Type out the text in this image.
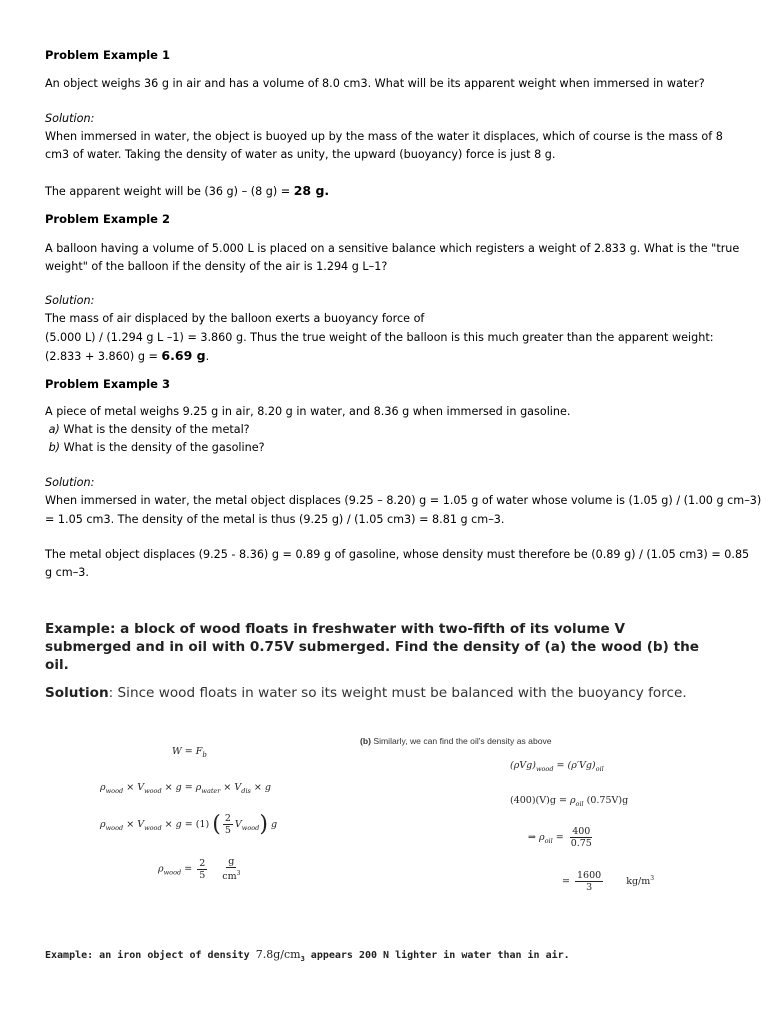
Problem Example 1
An object weighs 36 g in air and has a volume of 8.0 cm3. What will be its apparent weight when immersed in water?
Solution:
When immersed in water, the object is buoyed up by the mass of the water it displaces, which of course is the mass of 8
cm3 of water. Taking the density of water as unity, the upward (buoyancy) force is just 8 g.
The apparent weight will be (36 g) – (8 g) = 28 g.
Problem Example 2
A balloon having a volume of 5.000 L is placed on a sensitive balance which registers a weight of 2.833 g. What is the "true
weight" of the balloon if the density of the air is 1.294 g L–1?
Solution:
The mass of air displaced by the balloon exerts a buoyancy force of
(5.000 L) / (1.294 g L –1) = 3.860 g. Thus the true weight of the balloon is this much greater than the apparent weight:
(2.833 + 3.860) g = 6.69 g.
Problem Example 3
A piece of metal weighs 9.25 g in air, 8.20 g in water, and 8.36 g when immersed in gasoline.
a) What is the density of the metal?
b) What is the density of the gasoline?
Solution:
When immersed in water, the metal object displaces (9.25 – 8.20) g = 1.05 g of water whose volume is (1.05 g) / (1.00 g cm–3)
= 1.05 cm3. The density of the metal is thus (9.25 g) / (1.05 cm3) = 8.81 g cm–3.
The metal object displaces (9.25 - 8.36) g = 0.89 g of gasoline, whose density must therefore be (0.89 g) / (1.05 cm3) = 0.85
g cm–3.
Example: a block of wood floats in freshwater with two-fifth of its volume V
submerged and in oil with 0.75V submerged. Find the density of (a) the wood (b) the
oil.
Solution: Since wood floats in water so its weight must be balanced with the buoyancy force.
$W = F_b$
$\rho_{wood} \times V_{wood} \times g = \rho_{water} \times V_{dis} \times g$
$\rho_{wood} \times V_{wood} \times g = (1)$ ( $\frac{2}{5} V_{wood}$) g
$\rho_{wood} = \frac{2}{5}$
$\frac{g}{cm^3}$
(b) Similarly, we can find the oil's density as above
$(\rho Vg)_{wood} = (\rho'Vg)_{oil}$
$(400)(V)g = \rho_{oil}$ (0.75V)g
⇒ $\rho_{oil} = \frac{400}{0.75}$
= $\frac{1600}{3} kg/m^3$
Example: an iron object of density $7.8g/cm_3$ appears 200 N lighter in water than in air.
